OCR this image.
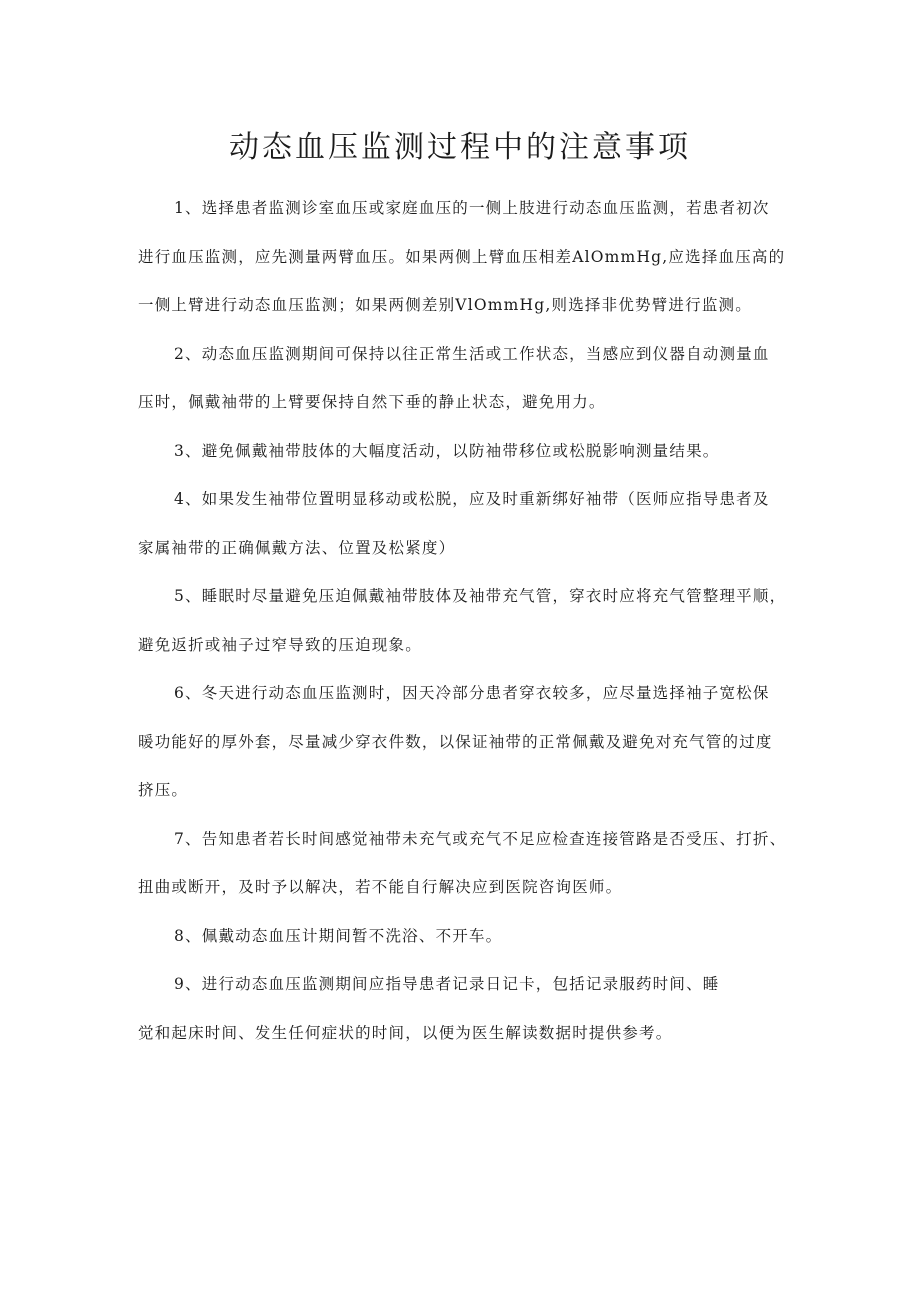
动态血压监测过程中的注意事项
1、选择患者监测诊室血压或家庭血压的一侧上肢进行动态血压监测，若患者初次
进行血压监测，应先测量两臂血压。如果两侧上臂血压相差AlOmmHg,应选择血压高的
一侧上臂进行动态血压监测；如果两侧差别VlOmmHg,则选择非优势臂进行监测。
2、动态血压监测期间可保持以往正常生活或工作状态，当感应到仪器自动测量血
压时，佩戴袖带的上臂要保持自然下垂的静止状态，避免用力。
3、避免佩戴袖带肢体的大幅度活动，以防袖带移位或松脱影响测量结果。
4、如果发生袖带位置明显移动或松脱，应及时重新绑好袖带（医师应指导患者及
家属袖带的正确佩戴方法、位置及松紧度）
5、睡眠时尽量避免压迫佩戴袖带肢体及袖带充气管，穿衣时应将充气管整理平顺，
避免返折或袖子过窄导致的压迫现象。
6、冬天进行动态血压监测时，因天冷部分患者穿衣较多，应尽量选择袖子宽松保
暖功能好的厚外套，尽量减少穿衣件数，以保证袖带的正常佩戴及避免对充气管的过度
挤压。
7、告知患者若长时间感觉袖带未充气或充气不足应检查连接管路是否受压、打折、
扭曲或断开，及时予以解决，若不能自行解决应到医院咨询医师。
8、佩戴动态血压计期间暂不洗浴、不开车。
9、进行动态血压监测期间应指导患者记录日记卡，包括记录服药时间、睡
觉和起床时间、发生任何症状的时间，以便为医生解读数据时提供参考。
